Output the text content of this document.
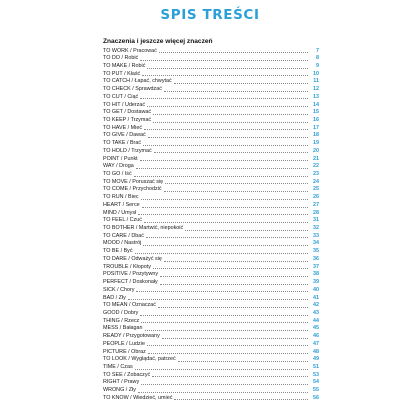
SPIS TREŚCI
Znaczenia i jeszcze więcej znaczeń
TO WORK / Pracować	7
TO DO / Robić	8
TO MAKE / Robić	9
TO PUT / Kłaść	10
TO CATCH / Łapać, chwytać	11
TO CHECK / Sprawdzać	12
TO CUT / Ciąć	13
TO HIT / Uderzać	14
TO GET / Dostawać	15
TO KEEP / Trzymać	16
TO HAVE / Mieć	17
TO GIVE / Dawać	18
TO TAKE / Brać	19
TO HOLD / Trzymać	20
POINT / Punkt	21
WAY / Droga	22
TO GO / Iść	23
TO MOVE / Poruszać się	24
TO COME / Przychodzić	25
TO RUN / Biec	26
HEART / Serce	27
MIND / Umysł	28
TO FEEL / Czuć	31
TO BOTHER / Martwić, niepokoić	32
TO CARE / Dbać	33
MOOD / Nastrój	34
TO BE / Być	35
TO DARE / Odważyć się	36
TROUBLE / Kłopoty	37
POSITIVE / Pozytywny	38
PERFECT / Doskonały	39
SICK / Chory	40
BAD / Zły	41
TO MEAN / Oznaczać	42
GOOD / Dobry	43
THING / Rzecz	44
MESS / Bałagan	45
READY / Przygotowany	46
PEOPLE / Ludzie	47
PICTURE / Obraz	48
TO LOOK / Wyglądać, patrzeć	49
TIME / Czas	51
TO SEE / Zobaczyć	53
RIGHT / Prawy	54
WRONG / Zły	55
TO KNOW / Wiedzieć, umieć	56
